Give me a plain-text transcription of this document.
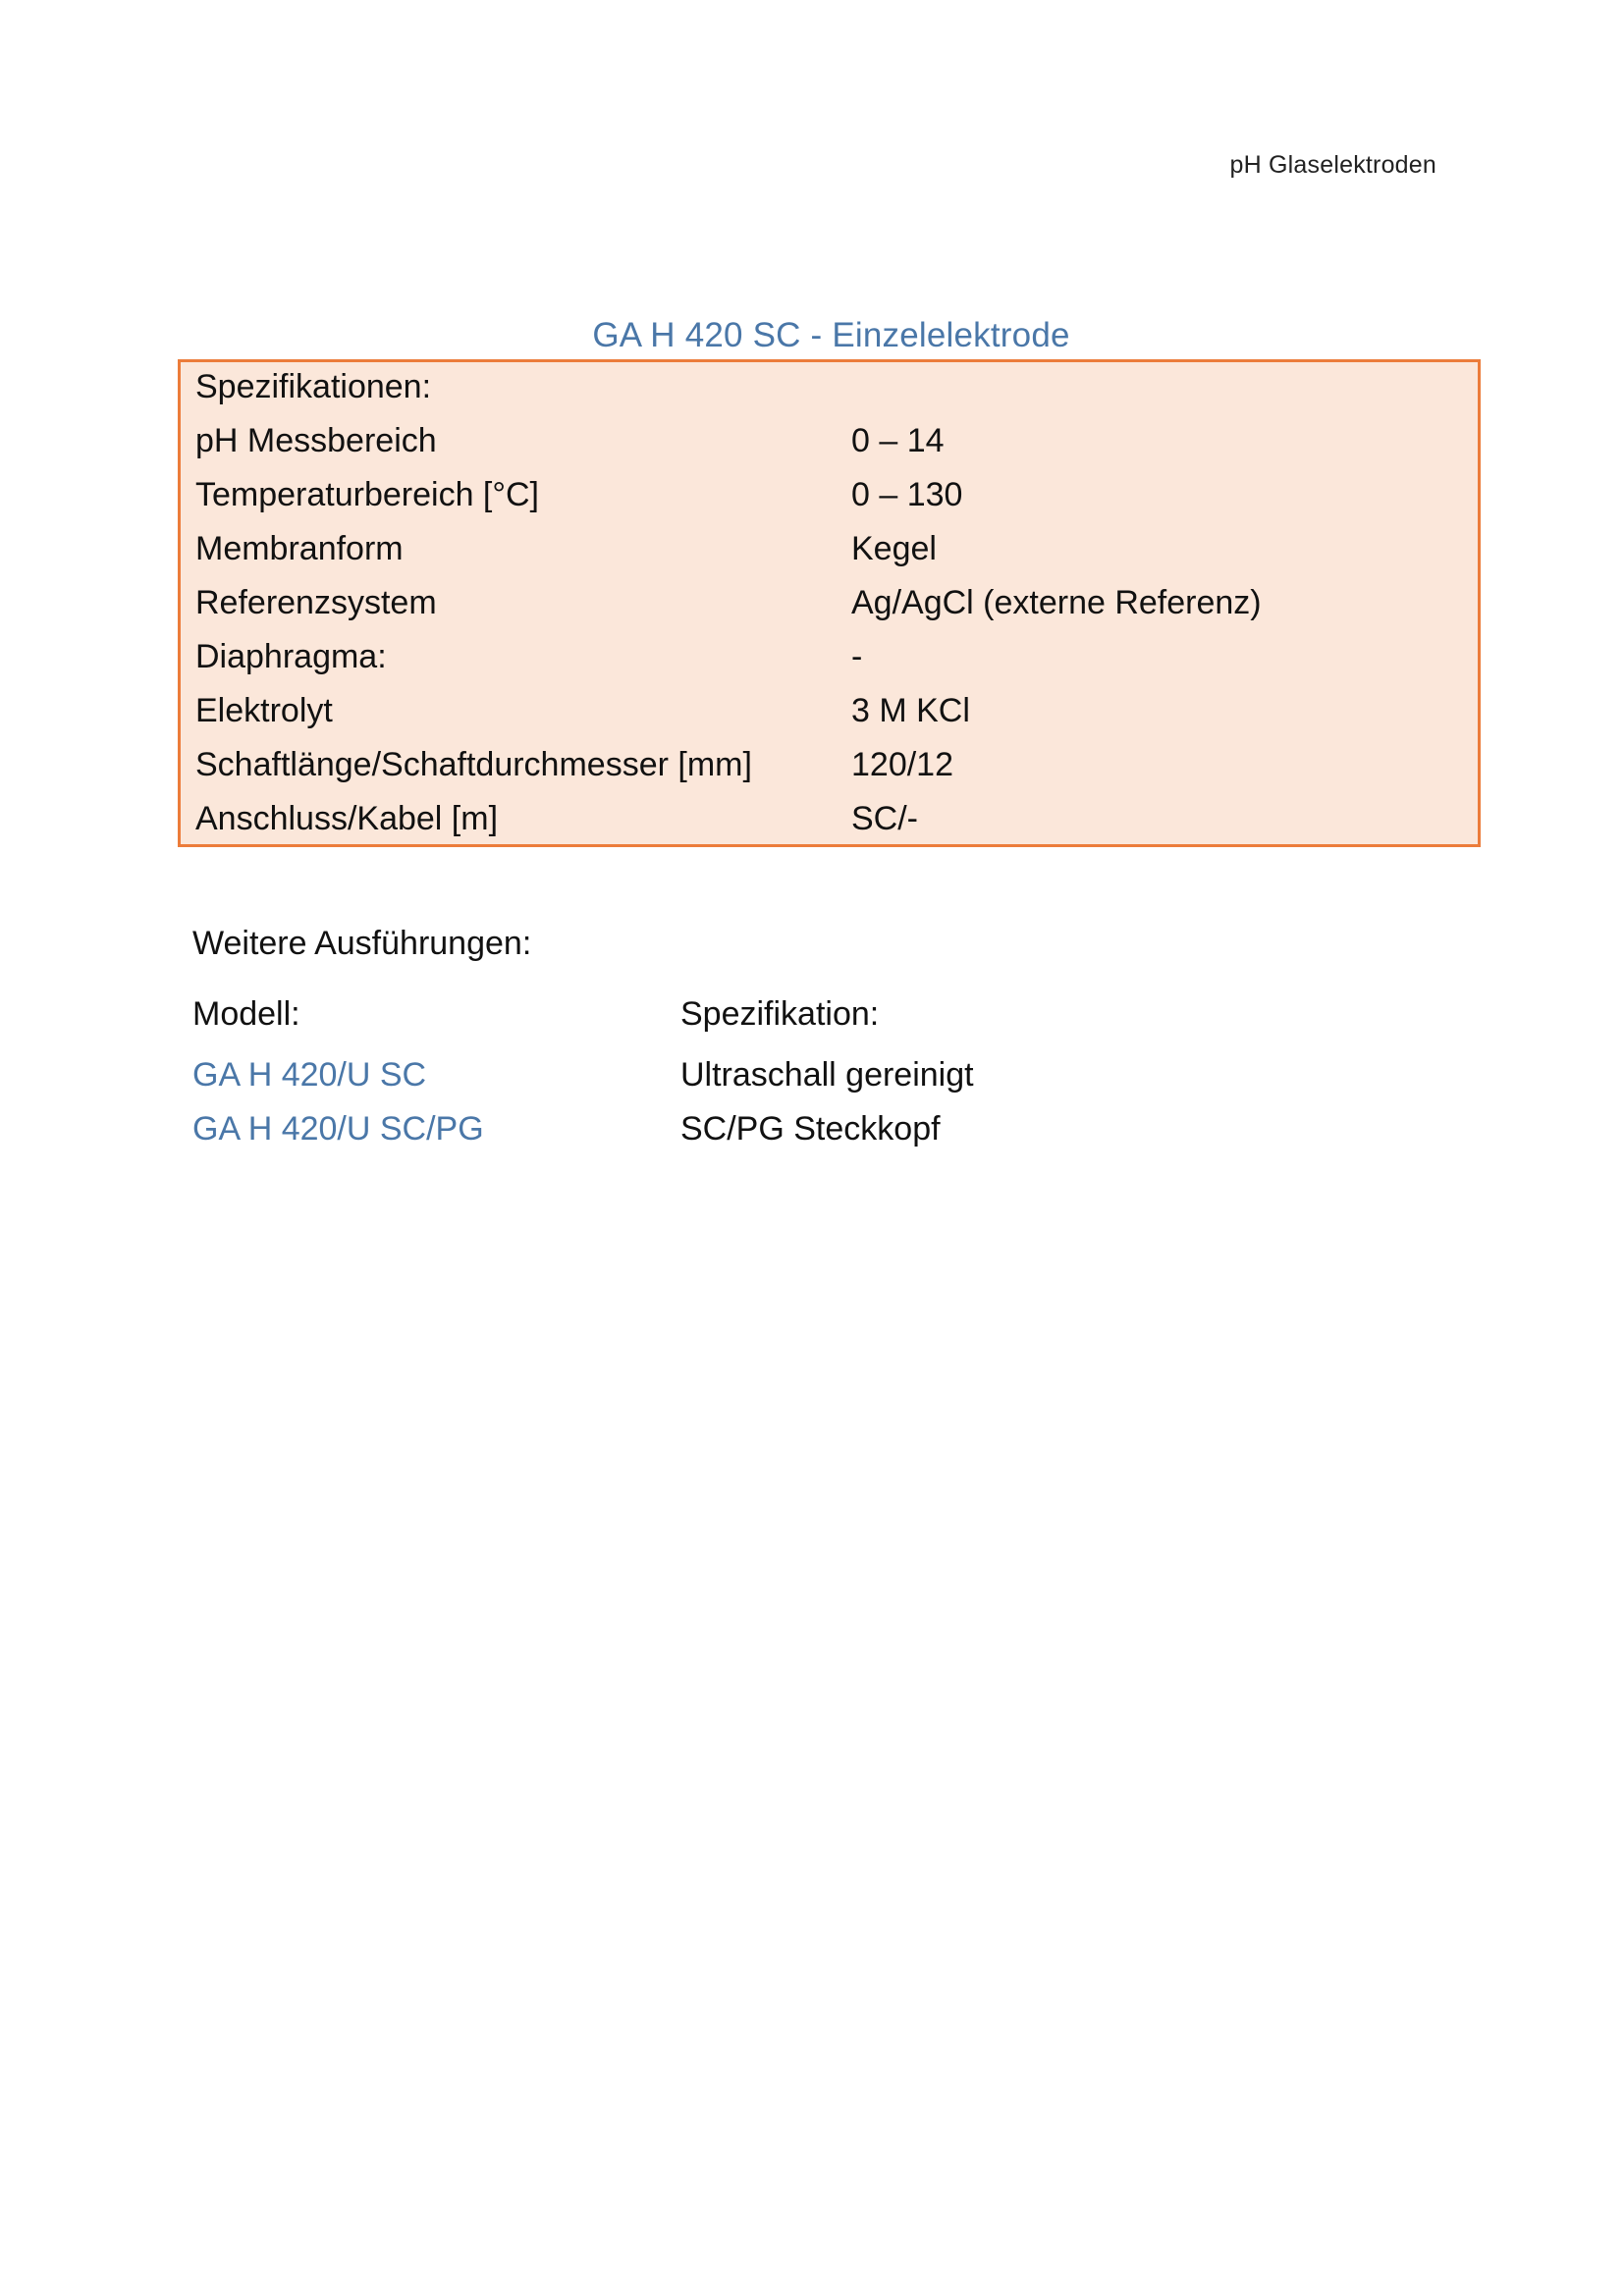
pH Glaselektroden
GA H 420 SC - Einzelelektrode
Spezifikationen:
pH Messbereich	0 – 14
Temperaturbereich [°C]	0 – 130
Membranform	Kegel
Referenzsystem	Ag/AgCl (externe Referenz)
Diaphragma:	-
Elektrolyt	3 M KCl
Schaftlänge/Schaftdurchmesser [mm]	120/12
Anschluss/Kabel [m]	SC/-
Weitere Ausführungen:
Modell:	Spezifikation:
GA H 420/U SC	Ultraschall gereinigt
GA H 420/U SC/PG	SC/PG Steckkopf
